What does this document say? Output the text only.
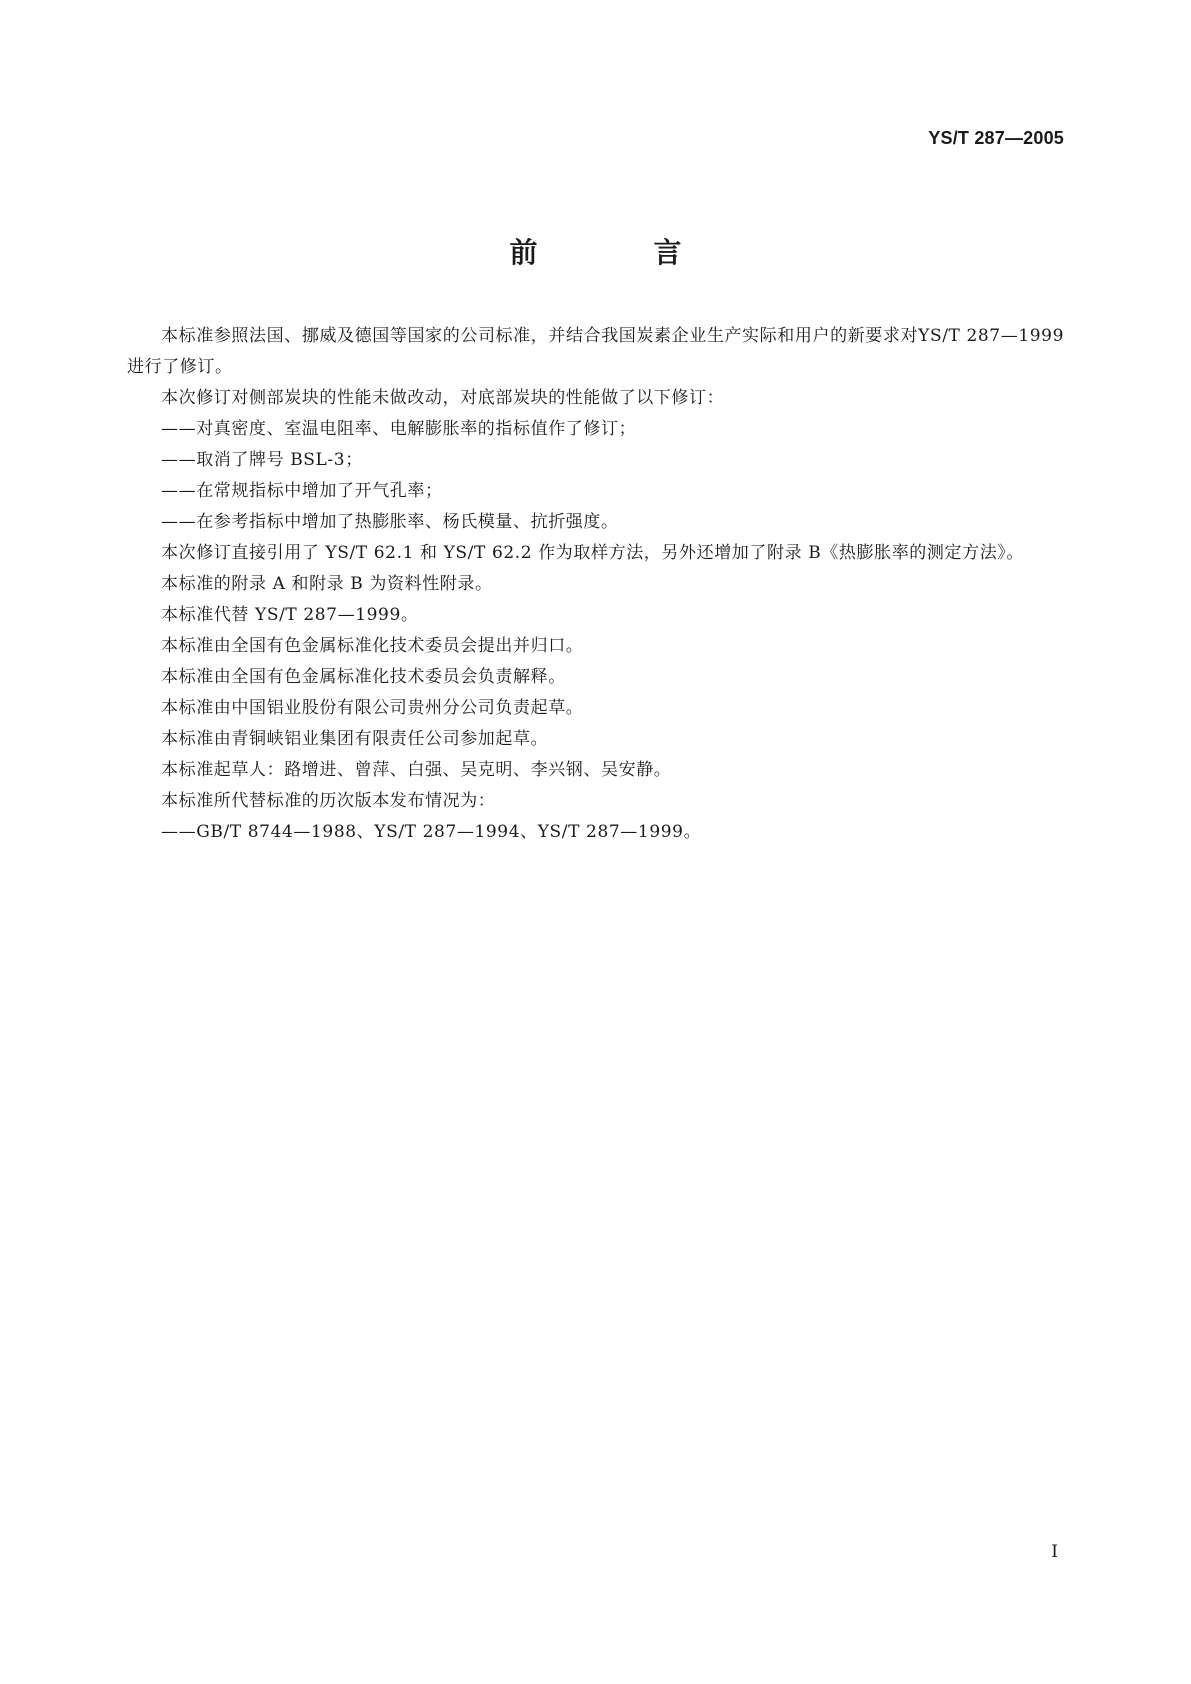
YS/T 287—2005
前　言

本标准参照法国、挪威及德国等国家的公司标准，并结合我国炭素企业生产实际和用户的新要求对YS/T 287—1999 进行了修订。

本次修订对侧部炭块的性能未做改动，对底部炭块的性能做了以下修订：

——对真密度、室温电阻率、电解膨胀率的指标值作了修订；

——取消了牌号 BSL-3；

——在常规指标中增加了开气孔率；

——在参考指标中增加了热膨胀率、杨氏模量、抗折强度。

本次修订直接引用了 YS/T 62.1 和 YS/T 62.2 作为取样方法，另外还增加了附录 B《热膨胀率的测定方法》。

本标准的附录 A 和附录 B 为资料性附录。

本标准代替 YS/T 287—1999。

本标准由全国有色金属标准化技术委员会提出并归口。

本标准由全国有色金属标准化技术委员会负责解释。

本标准由中国铝业股份有限公司贵州分公司负责起草。

本标准由青铜峡铝业集团有限责任公司参加起草。

本标准起草人：路增进、曾萍、白强、吴克明、李兴钢、吴安静。

本标准所代替标准的历次版本发布情况为：

——GB/T 8744—1988、YS/T 287—1994、YS/T 287—1999。

I
